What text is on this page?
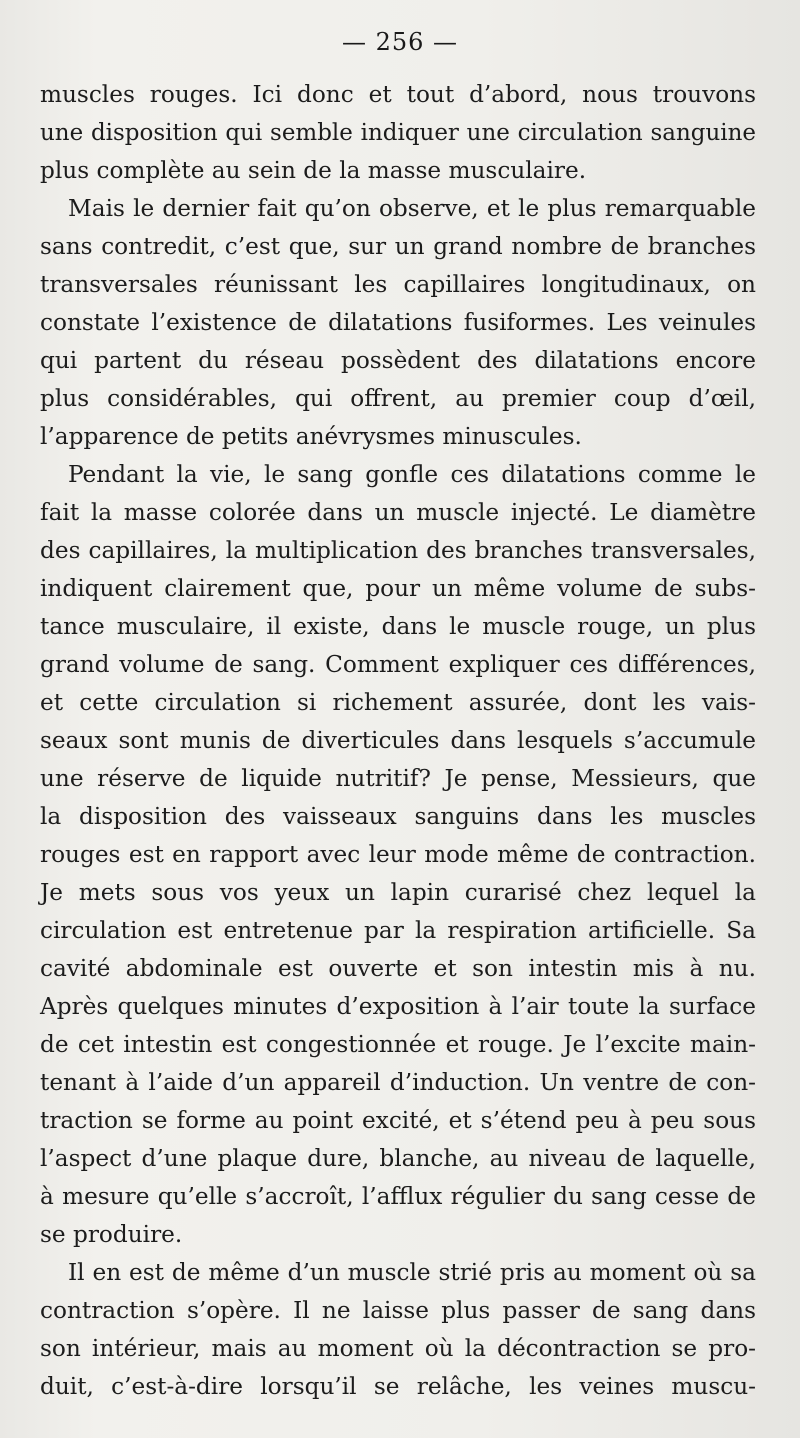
— 256 —
muscles rouges. Ici donc et tout d’abord, nous trouvons
une disposition qui semble indiquer une circulation sanguine
plus complète au sein de la masse musculaire.
Mais le dernier fait qu’on observe, et le plus remarquable
sans contredit, c’est que, sur un grand nombre de branches
transversales réunissant les capillaires longitudinaux, on
constate l’existence de dilatations fusiformes. Les veinules
qui partent du réseau possèdent des dilatations encore
plus considérables, qui offrent, au premier coup d’œil,
l’apparence de petits anévrysmes minuscules.
Pendant la vie, le sang gonfle ces dilatations comme le
fait la masse colorée dans un muscle injecté. Le diamètre
des capillaires, la multiplication des branches transversales,
indiquent clairement que, pour un même volume de subs-
tance musculaire, il existe, dans le muscle rouge, un plus
grand volume de sang. Comment expliquer ces différences,
et cette circulation si richement assurée, dont les vais-
seaux sont munis de diverticules dans lesquels s’accumule
une réserve de liquide nutritif? Je pense, Messieurs, que
la disposition des vaisseaux sanguins dans les muscles
rouges est en rapport avec leur mode même de contraction.
Je mets sous vos yeux un lapin curarisé chez lequel la
circulation est entretenue par la respiration artificielle. Sa
cavité abdominale est ouverte et son intestin mis à nu.
Après quelques minutes d’exposition à l’air toute la surface
de cet intestin est congestionnée et rouge. Je l’excite main-
tenant à l’aide d’un appareil d’induction. Un ventre de con-
traction se forme au point excité, et s’étend peu à peu sous
l’aspect d’une plaque dure, blanche, au niveau de laquelle,
à mesure qu’elle s’accroît, l’afflux régulier du sang cesse de
se produire.
Il en est de même d’un muscle strié pris au moment où sa
contraction s’opère. Il ne laisse plus passer de sang dans
son intérieur, mais au moment où la décontraction se pro-
duit, c’est-à-dire lorsqu’il se relâche, les veines muscu-
